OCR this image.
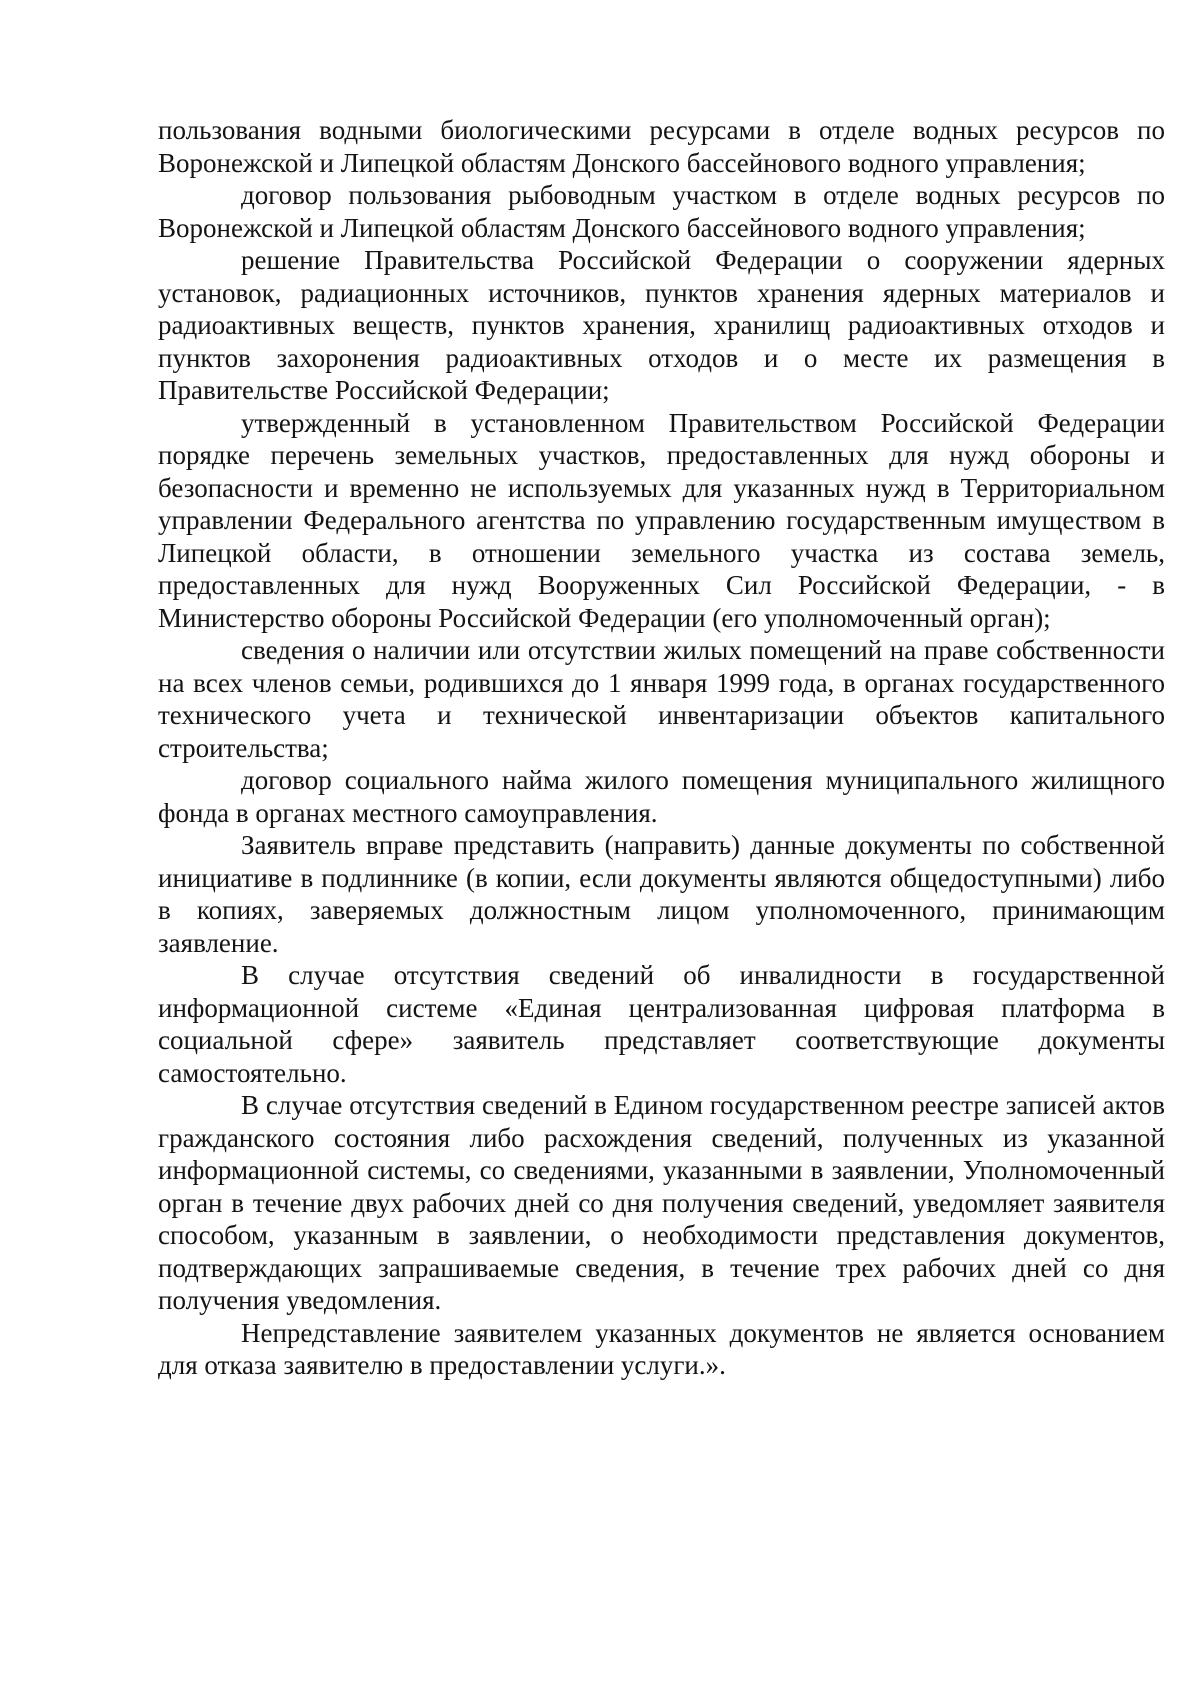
пользования водными биологическими ресурсами в отделе водных ресурсов по Воронежской и Липецкой областям Донского бассейнового водного управления;

договор пользования рыбоводным участком в отделе водных ресурсов по Воронежской и Липецкой областям Донского бассейнового водного управления;

решение Правительства Российской Федерации о сооружении ядерных установок, радиационных источников, пунктов хранения ядерных материалов и радиоактивных веществ, пунктов хранения, хранилищ радиоактивных отходов и пунктов захоронения радиоактивных отходов и о месте их размещения в Правительстве Российской Федерации;

утвержденный в установленном Правительством Российской Федерации порядке перечень земельных участков, предоставленных для нужд обороны и безопасности и временно не используемых для указанных нужд в Территориальном управлении Федерального агентства по управлению государственным имуществом в Липецкой области, в отношении земельного участка из состава земель, предоставленных для нужд Вооруженных Сил Российской Федерации, - в Министерство обороны Российской Федерации (его уполномоченный орган);

сведения о наличии или отсутствии жилых помещений на праве собственности на всех членов семьи, родившихся до 1 января 1999 года, в органах государственного технического учета и технической инвентаризации объектов капитального строительства;

договор социального найма жилого помещения муниципального жилищного фонда в органах местного самоуправления.

Заявитель вправе представить (направить) данные документы по собственной инициативе в подлиннике (в копии, если документы являются общедоступными) либо в копиях, заверяемых должностным лицом уполномоченного, принимающим заявление.

В случае отсутствия сведений об инвалидности в государственной информационной системе «Единая централизованная цифровая платформа в социальной сфере» заявитель представляет соответствующие документы самостоятельно.

В случае отсутствия сведений в Едином государственном реестре записей актов гражданского состояния либо расхождения сведений, полученных из указанной информационной системы, со сведениями, указанными в заявлении, Уполномоченный орган в течение двух рабочих дней со дня получения сведений, уведомляет заявителя способом, указанным в заявлении, о необходимости представления документов, подтверждающих запрашиваемые сведения, в течение трех рабочих дней со дня получения уведомления.

Непредставление заявителем указанных документов не является основанием для отказа заявителю в предоставлении услуги.».
